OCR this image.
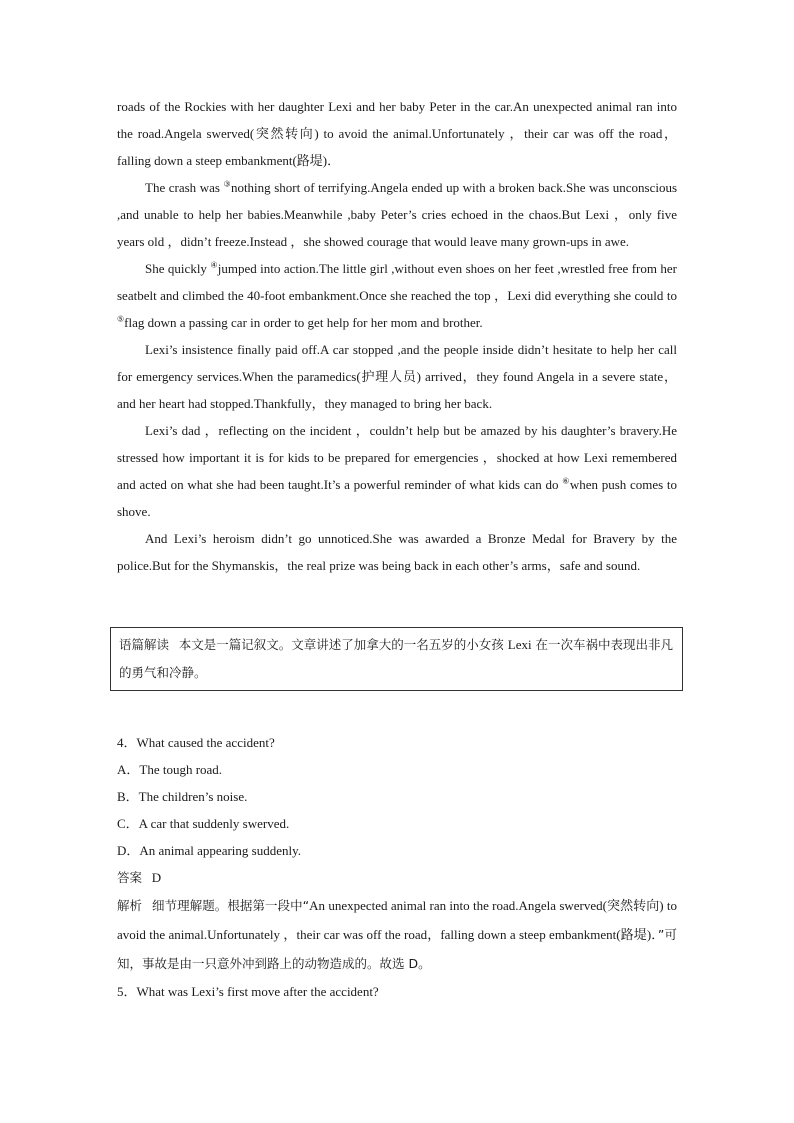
roads of the Rockies with her daughter Lexi and her baby Peter in the car.An unexpected animal ran into the road.Angela swerved(突然转向) to avoid the animal.Unfortunately ，their car was off the road，falling down a steep embankment(路堤)．

The crash was ③nothing short of terrifying.Angela ended up with a broken back.She was unconscious ,and unable to help her babies.Meanwhile ,baby Peter’s cries echoed in the chaos.But Lexi ，only five years old ，didn’t freeze.Instead ，she showed courage that would leave many grown-ups in awe.

She quickly ④jumped into action.The little girl ,without even shoes on her feet ,wrestled free from her seatbelt and climbed the 40-foot embankment.Once she reached the top ，Lexi did everything she could to ⑤flag down a passing car in order to get help for her mom and brother.

Lexi’s insistence finally paid off.A car stopped ,and the people inside didn’t hesitate to help her call for emergency services.When the paramedics(护理人员) arrived，they found Angela in a severe state，and her heart had stopped.Thankfully，they managed to bring her back.

Lexi’s dad ，reflecting on the incident ，couldn’t help but be amazed by his daughter’s bravery.He stressed how important it is for kids to be prepared for emergencies ，shocked at how Lexi remembered and acted on what she had been taught.It’s a powerful reminder of what kids can do ⑥when push comes to shove.

And Lexi’s heroism didn’t go unnoticed.She was awarded a Bronze Medal for Bravery by the police.But for the Shymanskis，the real prize was being back in each other’s arms，safe and sound.

语篇解读 本文是一篇记叙文。文章讲述了加拿大的一名五岁的小女孩 Lexi 在一次车祸中表现出非凡的勇气和冷静。

4．What caused the accident?

A．The tough road.

B．The children’s noise.

C．A car that suddenly swerved.

D．An animal appearing suddenly.

答案 D

解析 细节理解题。根据第一段中“An unexpected animal ran into the road.Angela swerved(突然转向) to avoid the animal.Unfortunately ，their car was off the road，falling down a steep embankment(路堤)．”可知，事故是由一只意外冲到路上的动物造成的。故选 D。

5．What was Lexi’s first move after the accident?
